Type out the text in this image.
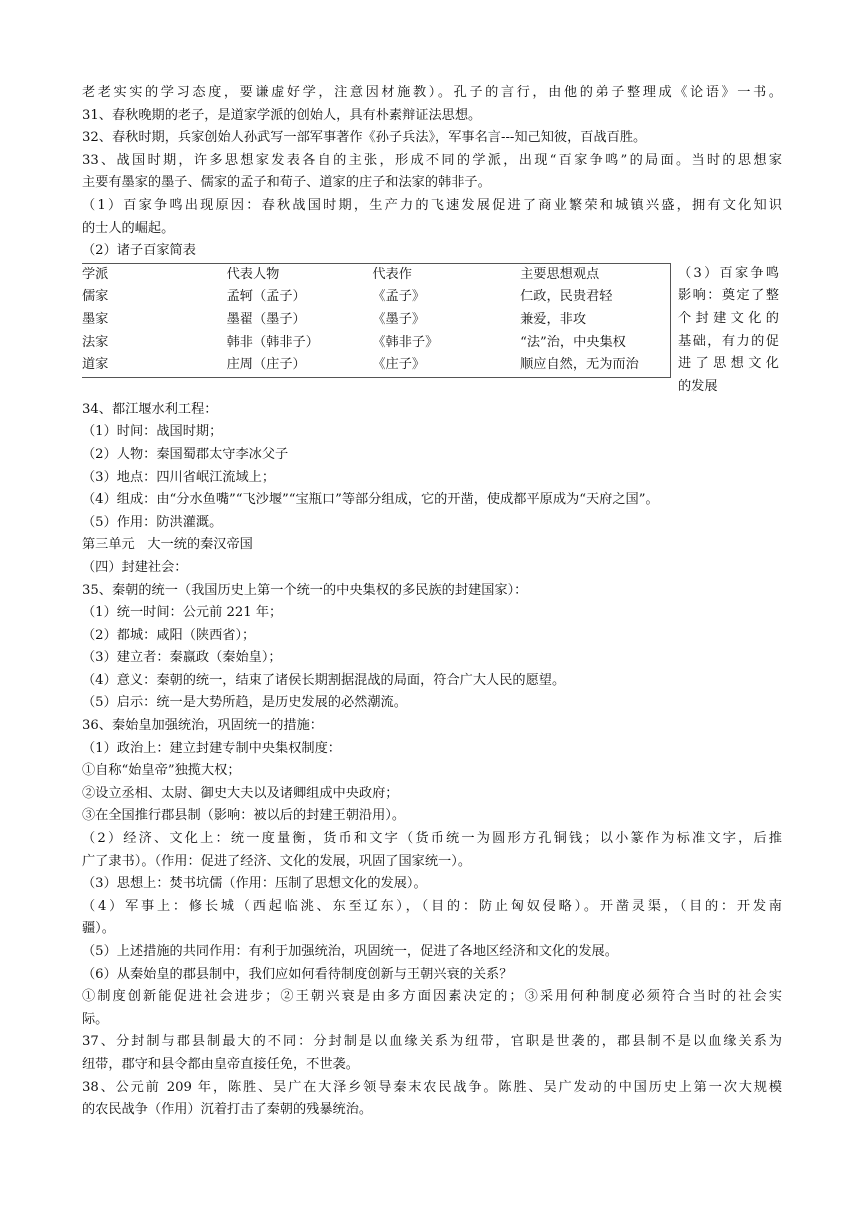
老老实实的学习态度，要谦虚好学，注意因材施教）。孔子的言行，由他的弟子整理成《论语》一书。
31、春秋晚期的老子，是道家学派的创始人，具有朴素辩证法思想。
32、春秋时期，兵家创始人孙武写一部军事著作《孙子兵法》，军事名言---知己知彼，百战百胜。
33、战国时期，许多思想家发表各自的主张，形成不同的学派，出现“百家争鸣”的局面。当时的思想家
主要有墨家的墨子、儒家的孟子和荀子、道家的庄子和法家的韩非子。
（1）百家争鸣出现原因：春秋战国时期，生产力的飞速发展促进了商业繁荣和城镇兴盛，拥有文化知识
的士人的崛起。
（2）诸子百家简表
学派	代表人物	代表作	主要思想观点
儒家	孟轲（孟子）	《孟子》	仁政，民贵君轻
墨家	墨翟（墨子）	《墨子》	兼爱，非攻
法家	韩非（韩非子）	《韩非子》	“法”治，中央集权
道家	庄周（庄子）	《庄子》	顺应自然，无为而治
（3）百家争鸣
影响：奠定了整
个封建文化的
基础，有力的促
进了思想文化
的发展
34、都江堰水利工程：
（1）时间：战国时期；
（2）人物：秦国蜀郡太守李冰父子
（3）地点：四川省岷江流域上；
（4）组成：由“分水鱼嘴”“飞沙堰”“宝瓶口”等部分组成，它的开凿，使成都平原成为“天府之国”。
（5）作用：防洪灌溉。
第三单元   大一统的秦汉帝国
（四）封建社会：
35、秦朝的统一（我国历史上第一个统一的中央集权的多民族的封建国家）：
（1）统一时间：公元前 221 年；
（2）都城：咸阳（陕西省）；
（3）建立者：秦嬴政（秦始皇）；
（4）意义：秦朝的统一，结束了诸侯长期割据混战的局面，符合广大人民的愿望。
（5）启示：统一是大势所趋，是历史发展的必然潮流。
36、秦始皇加强统治，巩固统一的措施：
（1）政治上：建立封建专制中央集权制度：
①自称“始皇帝”独揽大权；
②设立丞相、太尉、御史大夫以及诸卿组成中央政府；
③在全国推行郡县制（影响：被以后的封建王朝沿用）。
（2）经济、文化上：统一度量衡，货币和文字（货币统一为圆形方孔铜钱；以小篆作为标准文字，后推
广了隶书）。（作用：促进了经济、文化的发展，巩固了国家统一）。
（3）思想上：焚书坑儒（作用：压制了思想文化的发展）。
（4）军事上：修长城（西起临洮、东至辽东），（目的：防止匈奴侵略）。开凿灵渠，（目的：开发南
疆）。
（5）上述措施的共同作用：有利于加强统治，巩固统一，促进了各地区经济和文化的发展。
（6）从秦始皇的郡县制中，我们应如何看待制度创新与王朝兴衰的关系？
①制度创新能促进社会进步；②王朝兴衰是由多方面因素决定的；③采用何种制度必须符合当时的社会实
际。
37、分封制与郡县制最大的不同：分封制是以血缘关系为纽带，官职是世袭的，郡县制不是以血缘关系为
纽带，郡守和县令都由皇帝直接任免，不世袭。
38、公元前 209 年，陈胜、吴广在大泽乡领导秦末农民战争。陈胜、吴广发动的中国历史上第一次大规模
的农民战争（作用）沉着打击了秦朝的残暴统治。
